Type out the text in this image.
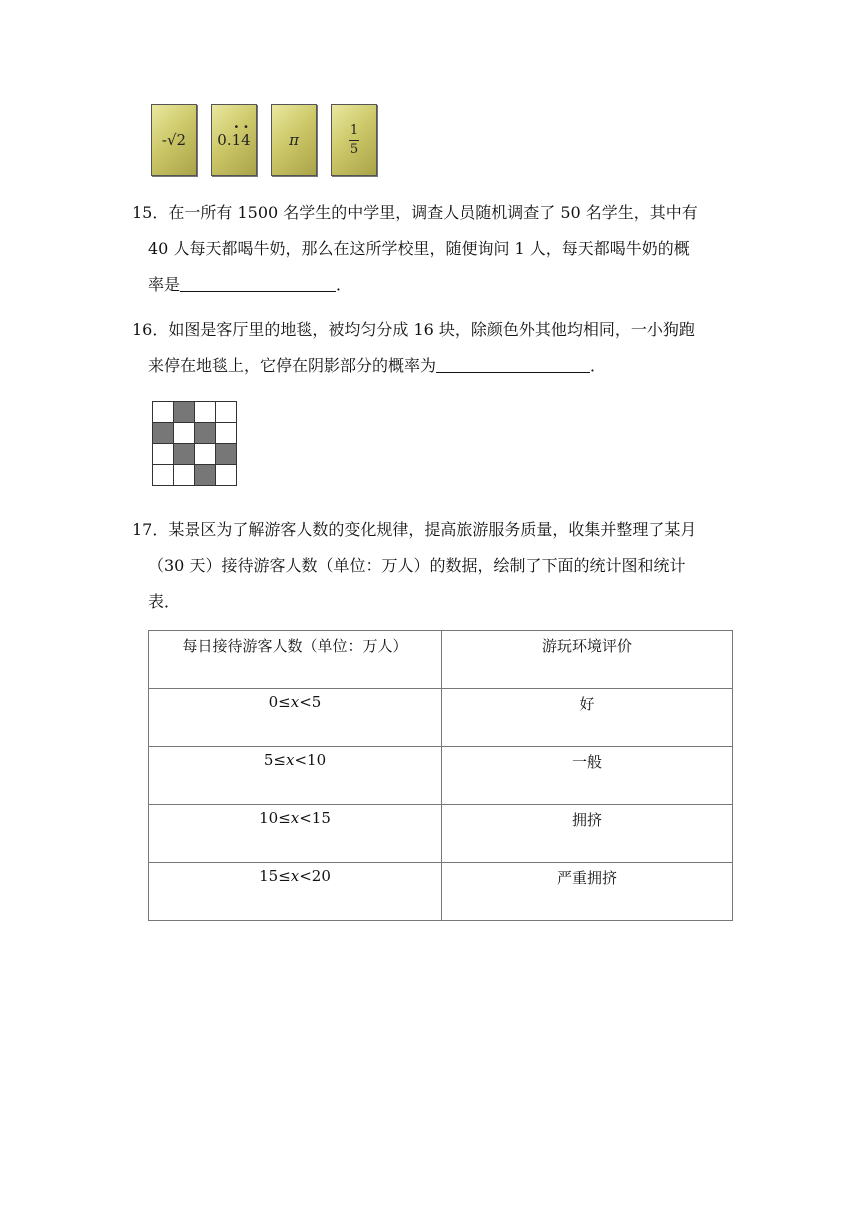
-√2 0.· 1· 4	π	$\frac{1}{5}$
15．在一所有 1500 名学生的中学里，调查人员随机调查了 50 名学生，其中有
40 人每天都喝牛奶，那么在这所学校里，随便询问 1 人，每天都喝牛奶的概
率是	．
16．如图是客厅里的地毯，被均匀分成 16 块，除颜色外其他均相同，一小狗跑
来停在地毯上，它停在阴影部分的概率为	．

17．某景区为了解游客人数的变化规律，提高旅游服务质量，收集并整理了某月
（30 天）接待游客人数（单位：万人）的数据，绘制了下面的统计图和统计
表．
每日接待游客人数（单位：万人）	游玩环境评价
0≤x<5	好
5≤x<10	一般
10≤x<15	拥挤
15≤x<20	严重拥挤
